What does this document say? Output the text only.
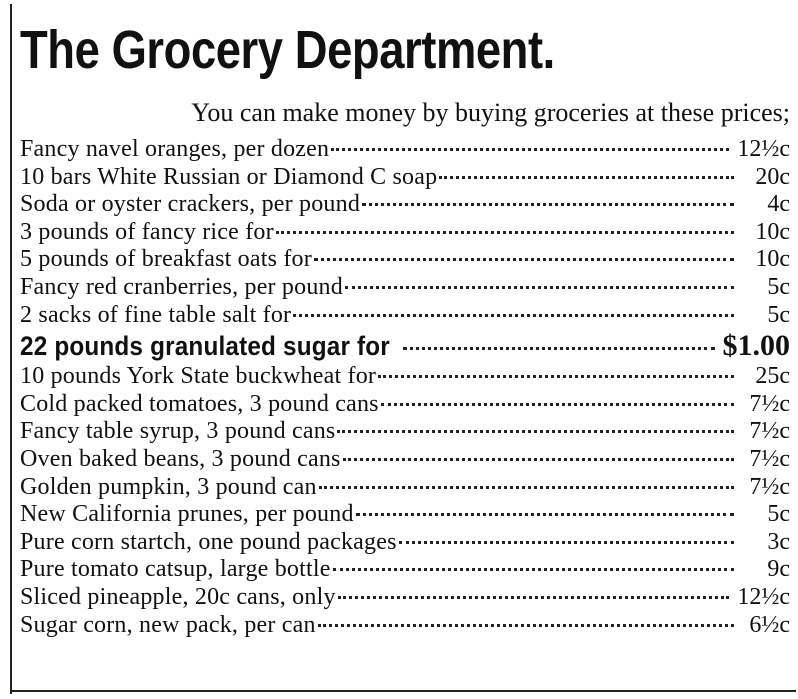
The Grocery Department.

You can make money by buying groceries at these prices;

Fancy navel oranges, per dozen	12½c
10 bars White Russian or Diamond C soap	20c
Soda or oyster crackers, per pound	4c
3 pounds of fancy rice for	10c
5 pounds of breakfast oats for	10c
Fancy red cranberries, per pound	5c
2 sacks of fine table salt for	5c
22 pounds granulated sugar for	$1.00
10 pounds York State buckwheat for	25c
Cold packed tomatoes, 3 pound cans	7½c
Fancy table syrup, 3 pound cans	7½c
Oven baked beans, 3 pound cans	7½c
Golden pumpkin, 3 pound can	7½c
New California prunes, per pound	5c
Pure corn startch, one pound packages	3c
Pure tomato catsup, large bottle	9c
Sliced pineapple, 20c cans, only	12½c
Sugar corn, new pack, per can	6½c
